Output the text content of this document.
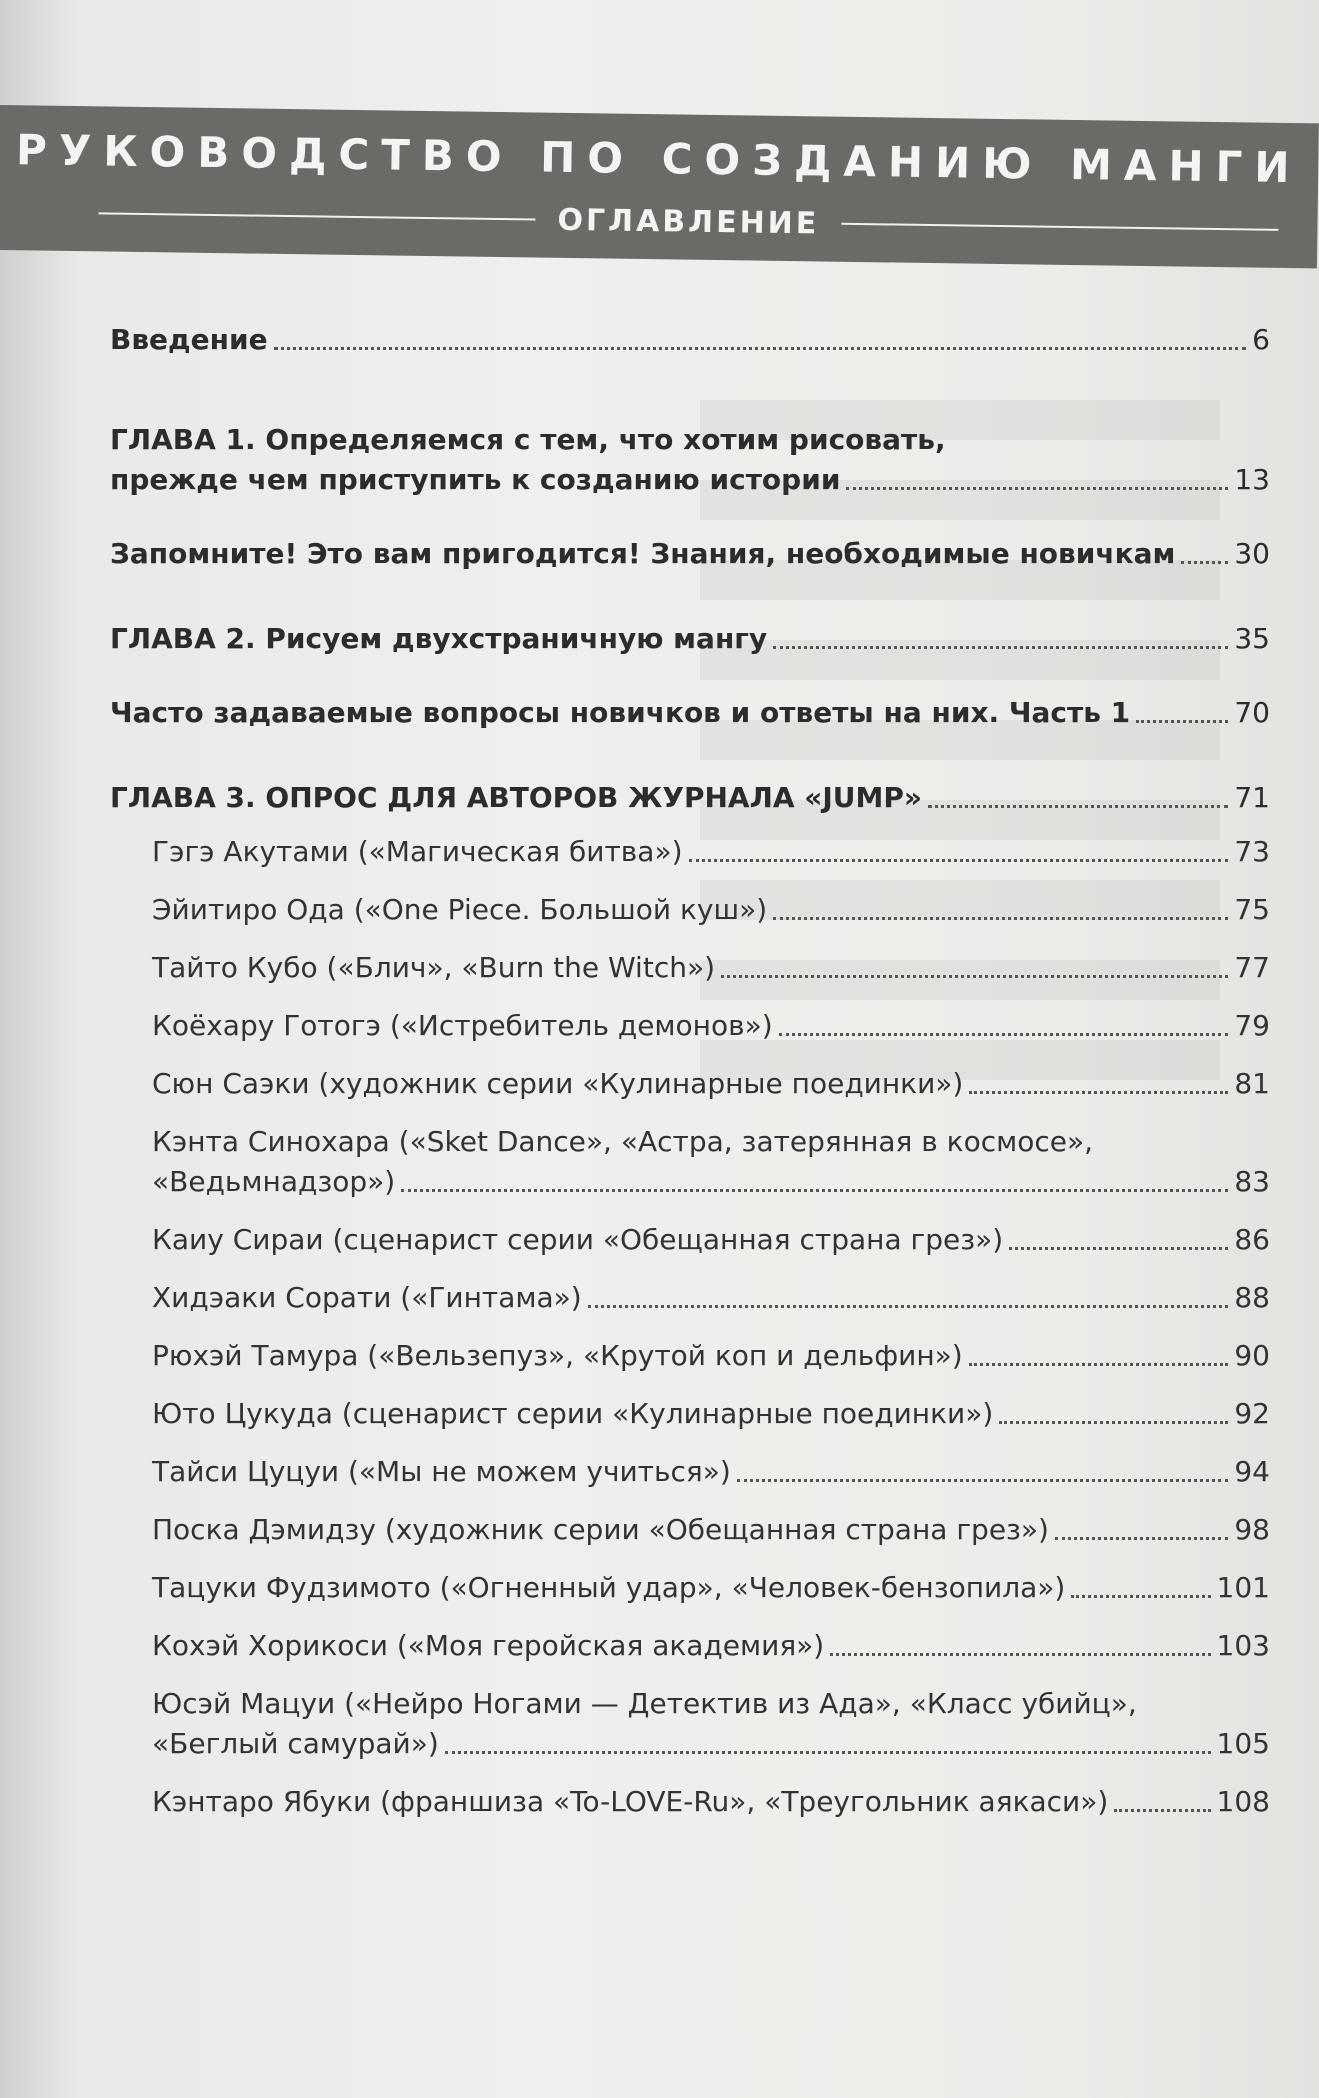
РУКОВОДСТВО ПО СОЗДАНИЮ МАНГИ
ОГЛАВЛЕНИЕ
Введение	6
ГЛАВА 1. Определяемся с тем, что хотим рисовать,
прежде чем приступить к созданию истории	13
Запомните! Это вам пригодится! Знания, необходимые новичкам 30
ГЛАВА 2. Рисуем двухстраничную мангу	35
Часто задаваемые вопросы новичков и ответы на них. Часть 1	70
ГЛАВА 3. ОПРОС ДЛЯ АВТОРОВ ЖУРНАЛА «JUMP»	71
Гэгэ Акутами («Магическая битва»)	73
Эйитиро Ода («One Piece. Большой куш»)	75
Тайто Кубо («Блич», «Burn the Witch»)	77
Коёхару Готогэ («Истребитель демонов»)	79
Сюн Саэки (художник серии «Кулинарные поединки»)	81
Кэнта Синохара («Sket Dance», «Астра, затерянная в космосе»,
«Ведьмнадзор»)	83
Каиу Сираи (сценарист серии «Обещанная страна грез»)	86
Хидэаки Сорати («Гинтама»)	88
Рюхэй Тамура («Вельзепуз», «Крутой коп и дельфин»)	90
Юто Цукуда (сценарист серии «Кулинарные поединки»)	92
Тайси Цуцуи («Мы не можем учиться»)	94
Поска Дэмидзу (художник серии «Обещанная страна грез»)	98
Тацуки Фудзимото («Огненный удар», «Человек-бензопила»)	101
Кохэй Хорикоси («Моя геройская академия»)	103
Юсэй Мацуи («Нейро Ногами — Детектив из Ада», «Класс убийц»,
«Беглый самурай»)	105
Кэнтаро Ябуки (франшиза «To-LOVE-Ru», «Треугольник аякаси»)	108
